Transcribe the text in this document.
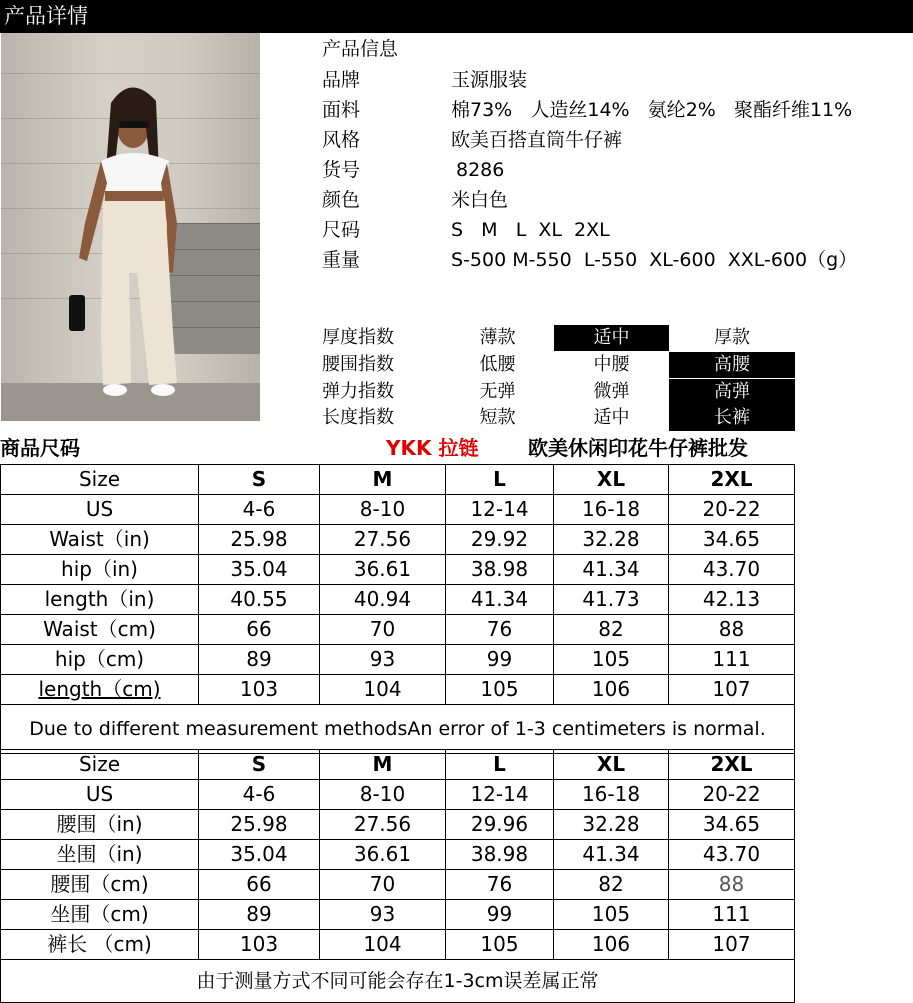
产品详情
产品信息
品牌	玉源服装
面料	棉73%   人造丝14%   氨纶2%   聚酯纤维11%
风格	欧美百搭直筒牛仔裤
货号	8286
颜色	米白色
尺码	S   M   L  XL  2XL
重量	S-500 M-550  L-550  XL-600  XXL-600（g）
厚度指数	薄款	适中	厚款
腰围指数	低腰	中腰	高腰
弹力指数	无弹	微弹	高弹
长度指数	短款	适中	长裤
商品尺码	YKK 拉链 欧美休闲印花牛仔裤批发
Size	S	M	L	XL	2XL
US	4-6	8-10	12-14	16-18	20-22
Waist（in)	25.98	27.56	29.92	32.28	34.65
hip（in)	35.04	36.61	38.98	41.34	43.70
length（in)	40.55	40.94	41.34	41.73	42.13
Waist（cm)	66	70	76	82	88
hip（cm)	89	93	99	105	111
length（cm)	103	104	105	106	107
Due to different measurement methodsAn error of 1-3 centimeters is normal.					
Size	S	M	L	XL	2XL
US	4-6	8-10	12-14	16-18	20-22
腰围（in)	25.98	27.56	29.96	32.28	34.65
坐围（in)	35.04	36.61	38.98	41.34	43.70
腰围（cm)	66	70	76	82	88
坐围（cm)	89	93	99	105	111
裤长 （cm)	103	104	105	106	107
由于测量方式不同可能会存在1-3cm误差属正常					
